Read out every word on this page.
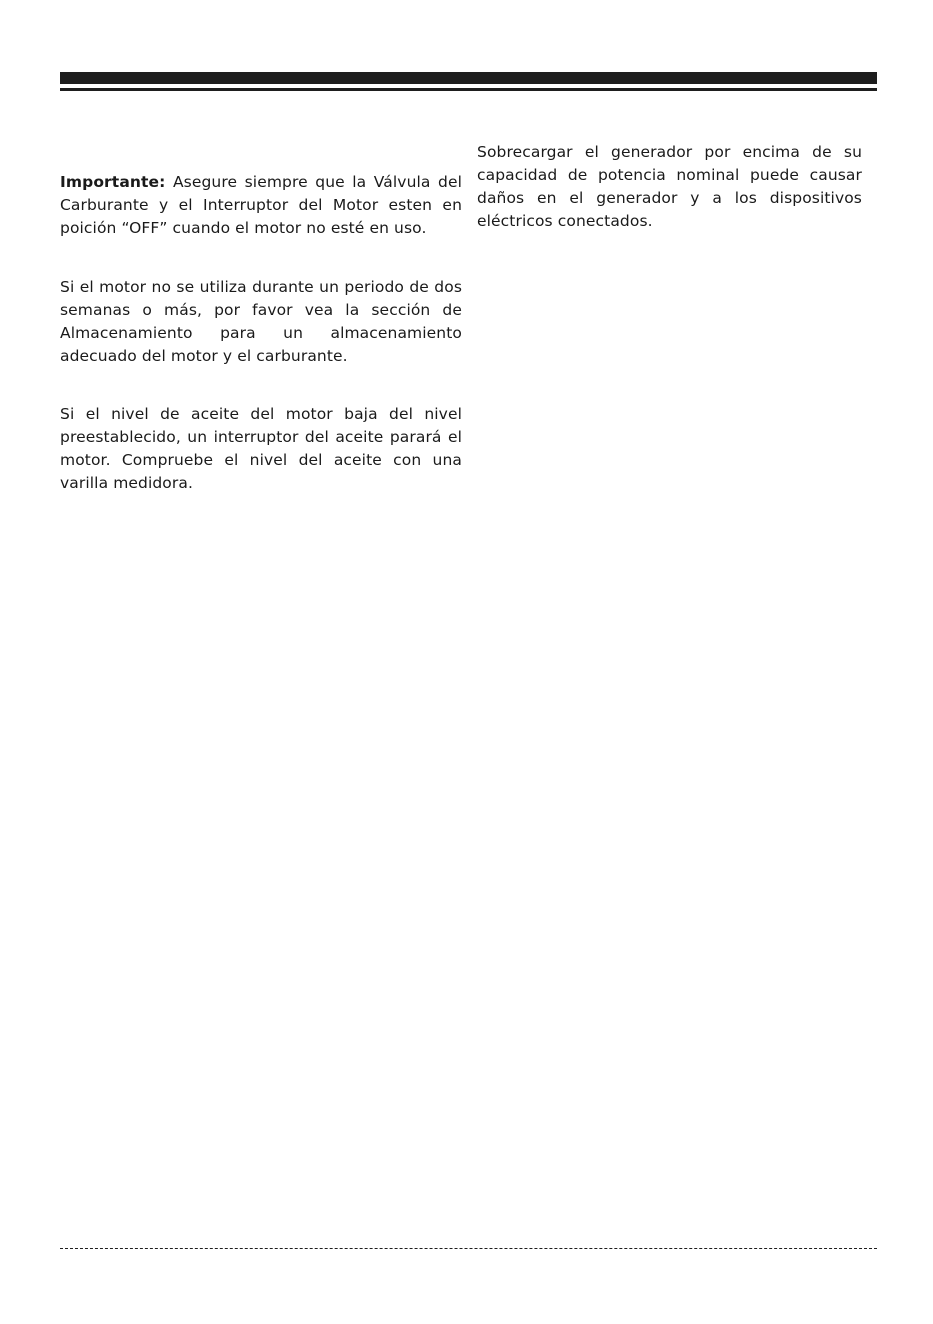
Importante: Asegure siempre que la Válvula del Carburante y el Interruptor del Motor esten en poición “OFF” cuando el motor no esté en uso.

Si el motor no se utiliza durante un periodo de dos semanas o más, por favor vea la sección de Almacenamiento para un almacenamiento adecuado del motor y el carburante.

Si el nivel de aceite del motor baja del nivel preestablecido, un interruptor del aceite parará el motor. Compruebe el nivel del aceite con una varilla medidora.

Sobrecargar el generador por encima de su capacidad de potencia nominal puede causar daños en el generador y a los dispositivos eléctricos conectados.
